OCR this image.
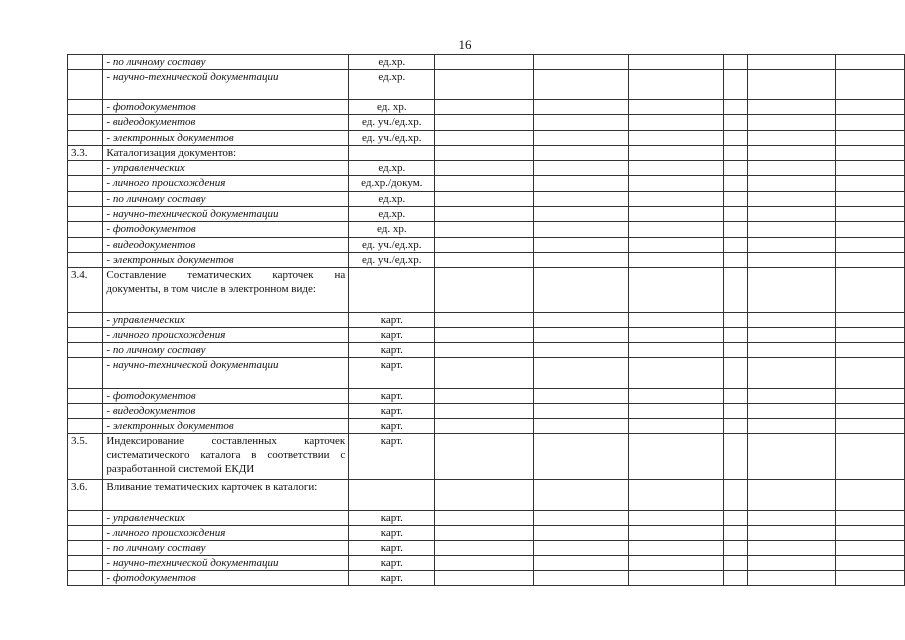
16
	- по личному составу	ед.хр.						
	- научно-технической документации	ед.хр.						
	- фотодокументов	ед. хр.						
	- видеодокументов	ед. уч./ед.хр.						
	- электронных документов	ед. уч./ед.хр.						
3.3.	Каталогизация документов:							
	- управленческих	ед.хр.						
	- личного происхождения	ед.хр./докум.						
	- по личному составу	ед.хр.						
	- научно-технической документации	ед.хр.						
	- фотодокументов	ед. хр.						
	- видеодокументов	ед. уч./ед.хр.						
	- электронных документов	ед. уч./ед.хр.						
3.4.	Составление тематических карточек на документы, в том числе в электронном виде:							
	- управленческих	карт.						
	- личного происхождения	карт.						
	- по личному составу	карт.						
	- научно-технической документации	карт.						
	- фотодокументов	карт.						
	- видеодокументов	карт.						
	- электронных документов	карт.						
3.5.	Индексирование составленных карточек систематического каталога в соответствии с разработанной системой ЕКДИ	карт.						
3.6.	Вливание тематических карточек в каталоги:							
	- управленческих	карт.						
	- личного происхождения	карт.						
	- по личному составу	карт.						
	- научно-технической документации	карт.						
	- фотодокументов	карт.						
